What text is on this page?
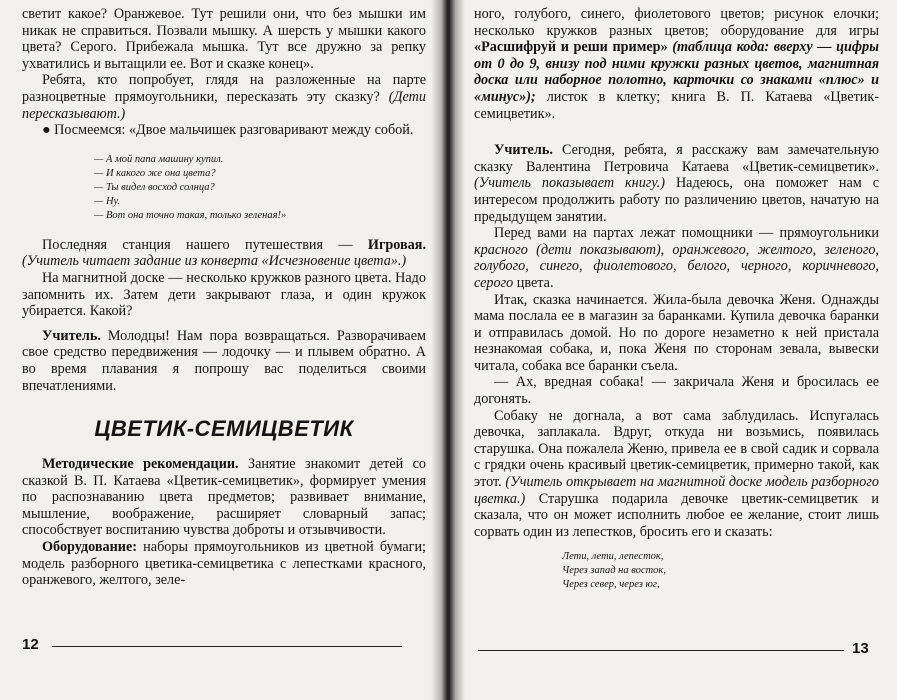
светит какое? Оранжевое. Тут решили они, что без мышки им никак не справиться. Позвали мышку. А шерсть у мышки какого цвета? Серого. Прибежала мышка. Тут все дружно за репку ухватились и вытащили ее. Вот и сказке конец».

Ребята, кто попробует, глядя на разложенные на парте разноцветные прямоугольники, пересказать эту сказку? (Дети пересказывают.)

● Посмеемся: «Двое мальчишек разговаривают между собой.

— А мой папа машину купил.
— И какого же она цвета?
— Ты видел восход солнца?
— Ну.
— Вот она точно такая, только зеленая!»

Последняя станция нашего путешествия — Игровая. (Учитель читает задание из конверта «Исчезновение цвета».)

На магнитной доске — несколько кружков разного цвета. Надо запомнить их. Затем дети закрывают глаза, и один кружок убирается. Какой?

Учитель. Молодцы! Нам пора возвращаться. Разворачиваем свое средство передвижения — лодочку — и плывем обратно. А во время плавания я попрошу вас поделиться своими впечатлениями.

ЦВЕТИК-СЕМИЦВЕТИК

Методические рекомендации. Занятие знакомит детей со сказкой В. П. Катаева «Цветик-семицветик», формирует умения по распознаванию цвета предметов; развивает внимание, мышление, воображение, расширяет словарный запас; способствует воспитанию чувства доброты и отзывчивости.

Оборудование: наборы прямоугольников из цветной бумаги; модель разборного цветика-семицветика с лепестками красного, оранжевого, желтого, зеле-

12

ного, голубого, синего, фиолетового цветов; рисунок елочки; несколько кружков разных цветов; оборудование для игры «Расшифруй и реши пример» (таблица кода: вверху — цифры от 0 до 9, внизу под ними кружки разных цветов, магнитная доска или наборное полотно, карточки со знаками «плюс» и «минус»); листок в клетку; книга В. П. Катаева «Цветик-семицветик».

Учитель. Сегодня, ребята, я расскажу вам замечательную сказку Валентина Петровича Катаева «Цветик-семицветик». (Учитель показывает книгу.) Надеюсь, она поможет нам с интересом продолжить работу по различению цветов, начатую на предыдущем занятии.

Перед вами на партах лежат помощники — прямоугольники красного (дети показывают), оранжевого, желтого, зеленого, голубого, синего, фиолетового, белого, черного, коричневого, серого цвета.

Итак, сказка начинается. Жила-была девочка Женя. Однажды мама послала ее в магазин за баранками. Купила девочка баранки и отправилась домой. Но по дороге незаметно к ней пристала незнакомая собака, и, пока Женя по сторонам зевала, вывески читала, собака все баранки съела.

— Ах, вредная собака! — закричала Женя и бросилась ее догонять.

Собаку не догнала, а вот сама заблудилась. Испугалась девочка, заплакала. Вдруг, откуда ни возьмись, появилась старушка. Она пожалела Женю, привела ее в свой садик и сорвала с грядки очень красивый цветик-семицветик, примерно такой, как этот. (Учитель открывает на магнитной доске модель разборного цветка.) Старушка подарила девочке цветик-семицветик и сказала, что он может исполнить любое ее желание, стоит лишь сорвать один из лепестков, бросить его и сказать:

Лети, лети, лепесток,
Через запад на восток,
Через север, через юг,
13
